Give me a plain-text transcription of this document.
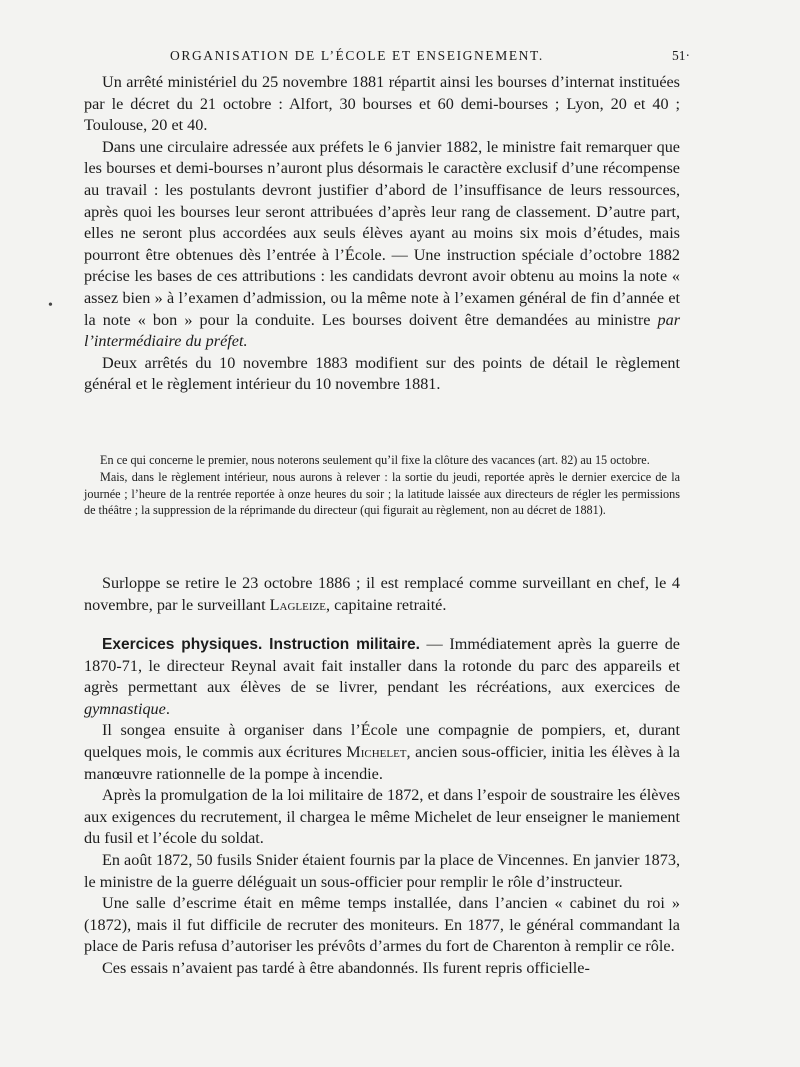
ORGANISATION DE L’ÉCOLE ET ENSEIGNEMENT.	51·
•

Un arrêté ministériel du 25 novembre 1881 répartit ainsi les bourses d’internat instituées par le décret du 21 octobre : Alfort, 30 bourses et 60 demi-bourses ; Lyon, 20 et 40 ; Toulouse, 20 et 40.

Dans une circulaire adressée aux préfets le 6 janvier 1882, le ministre fait remarquer que les bourses et demi-bourses n’auront plus désormais le caractère exclusif d’une récompense au travail : les postulants devront justifier d’abord de l’insuffisance de leurs ressources, après quoi les bourses leur seront attribuées d’après leur rang de classement. D’autre part, elles ne seront plus accordées aux seuls élèves ayant au moins six mois d’études, mais pourront être obtenues dès l’entrée à l’École. — Une instruction spéciale d’octobre 1882 précise les bases de ces attributions : les candidats devront avoir obtenu au moins la note « assez bien » à l’examen d’admission, ou la même note à l’examen général de fin d’année et la note « bon » pour la conduite. Les bourses doivent être demandées au ministre par l’intermédiaire du préfet.

Deux arrêtés du 10 novembre 1883 modifient sur des points de détail le règlement général et le règlement intérieur du 10 novembre 1881.

En ce qui concerne le premier, nous noterons seulement qu’il fixe la clôture des vacances (art. 82) au 15 octobre.

Mais, dans le règlement intérieur, nous aurons à relever : la sortie du jeudi, reportée après le dernier exercice de la journée ; l’heure de la rentrée reportée à onze heures du soir ; la latitude laissée aux directeurs de régler les permissions de théâtre ; la suppression de la réprimande du directeur (qui figurait au règlement, non au décret de 1881).

Surloppe se retire le 23 octobre 1886 ; il est remplacé comme surveillant en chef, le 4 novembre, par le surveillant Lagleize, capitaine retraité.

Exercices physiques. Instruction militaire. — Immédiatement après la guerre de 1870-71, le directeur Reynal avait fait installer dans la rotonde du parc des appareils et agrès permettant aux élèves de se livrer, pendant les récréations, aux exercices de gymnastique.

Il songea ensuite à organiser dans l’École une compagnie de pompiers, et, durant quelques mois, le commis aux écritures Michelet, ancien sous-officier, initia les élèves à la manœuvre rationnelle de la pompe à incendie.

Après la promulgation de la loi militaire de 1872, et dans l’espoir de soustraire les élèves aux exigences du recrutement, il chargea le même Michelet de leur enseigner le maniement du fusil et l’école du soldat.

En août 1872, 50 fusils Snider étaient fournis par la place de Vincennes. En janvier 1873, le ministre de la guerre déléguait un sous-officier pour remplir le rôle d’instructeur.

Une salle d’escrime était en même temps installée, dans l’ancien « cabinet du roi » (1872), mais il fut difficile de recruter des moniteurs. En 1877, le général commandant la place de Paris refusa d’autoriser les prévôts d’armes du fort de Charenton à remplir ce rôle.

Ces essais n’avaient pas tardé à être abandonnés. Ils furent repris officielle-
